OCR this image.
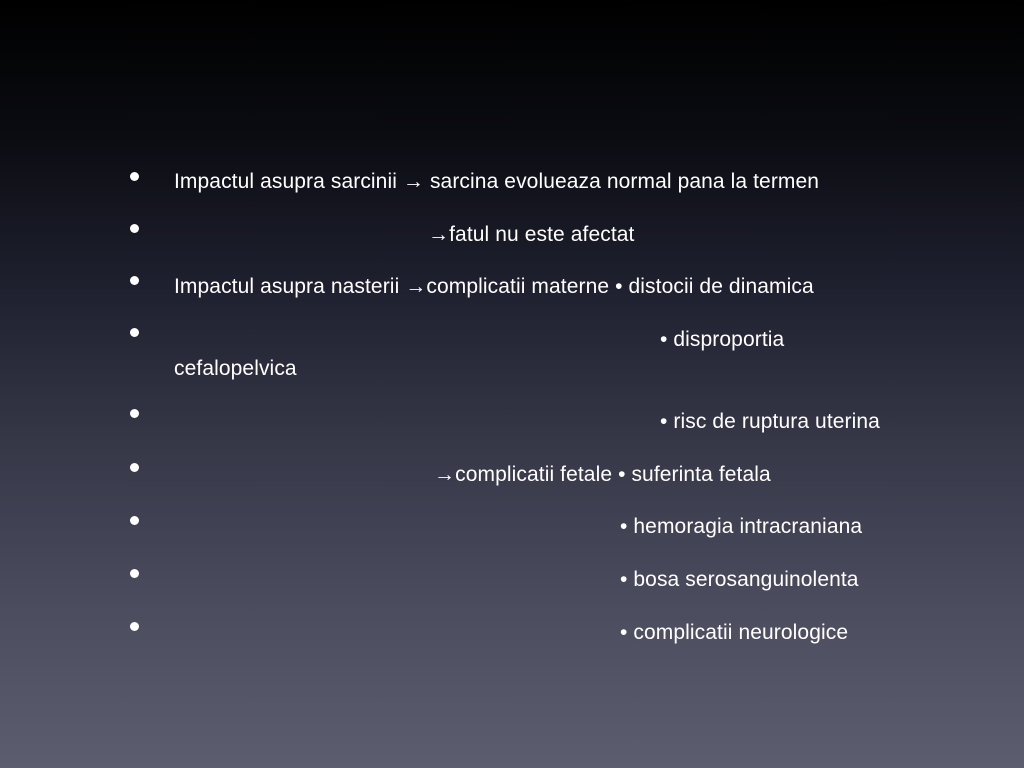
Impactul asupra sarcinii → sarcina evolueaza normal pana la termen
→fatul nu este afectat
Impactul asupra nasterii →complicatii materne • distocii de dinamica
• disproportia
cefalopelvica
• risc de ruptura uterina
→complicatii fetale • suferinta fetala
• hemoragia intracraniana
• bosa serosanguinolenta
• complicatii neurologice
